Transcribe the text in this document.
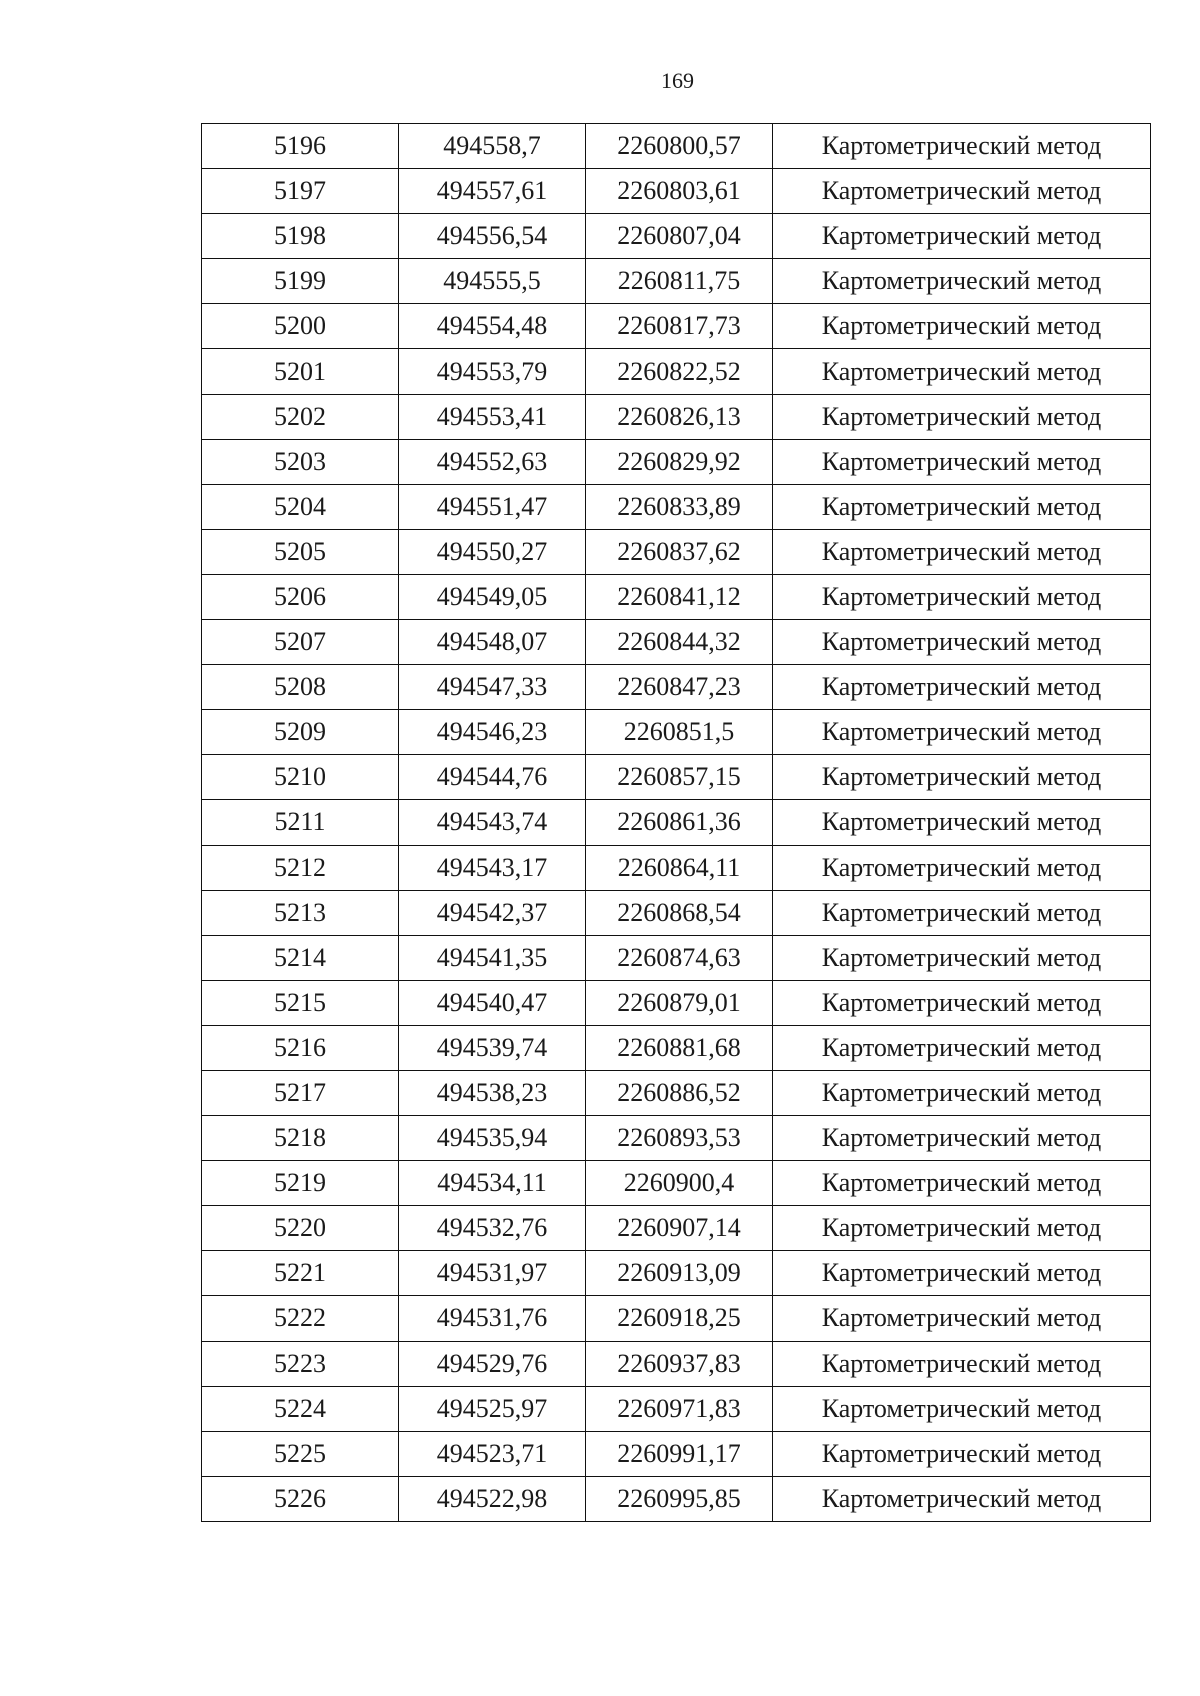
169
5196	494558,7	2260800,57	Картометрический метод
5197	494557,61	2260803,61	Картометрический метод
5198	494556,54	2260807,04	Картометрический метод
5199	494555,5	2260811,75	Картометрический метод
5200	494554,48	2260817,73	Картометрический метод
5201	494553,79	2260822,52	Картометрический метод
5202	494553,41	2260826,13	Картометрический метод
5203	494552,63	2260829,92	Картометрический метод
5204	494551,47	2260833,89	Картометрический метод
5205	494550,27	2260837,62	Картометрический метод
5206	494549,05	2260841,12	Картометрический метод
5207	494548,07	2260844,32	Картометрический метод
5208	494547,33	2260847,23	Картометрический метод
5209	494546,23	2260851,5	Картометрический метод
5210	494544,76	2260857,15	Картометрический метод
5211	494543,74	2260861,36	Картометрический метод
5212	494543,17	2260864,11	Картометрический метод
5213	494542,37	2260868,54	Картометрический метод
5214	494541,35	2260874,63	Картометрический метод
5215	494540,47	2260879,01	Картометрический метод
5216	494539,74	2260881,68	Картометрический метод
5217	494538,23	2260886,52	Картометрический метод
5218	494535,94	2260893,53	Картометрический метод
5219	494534,11	2260900,4	Картометрический метод
5220	494532,76	2260907,14	Картометрический метод
5221	494531,97	2260913,09	Картометрический метод
5222	494531,76	2260918,25	Картометрический метод
5223	494529,76	2260937,83	Картометрический метод
5224	494525,97	2260971,83	Картометрический метод
5225	494523,71	2260991,17	Картометрический метод
5226	494522,98	2260995,85	Картометрический метод
